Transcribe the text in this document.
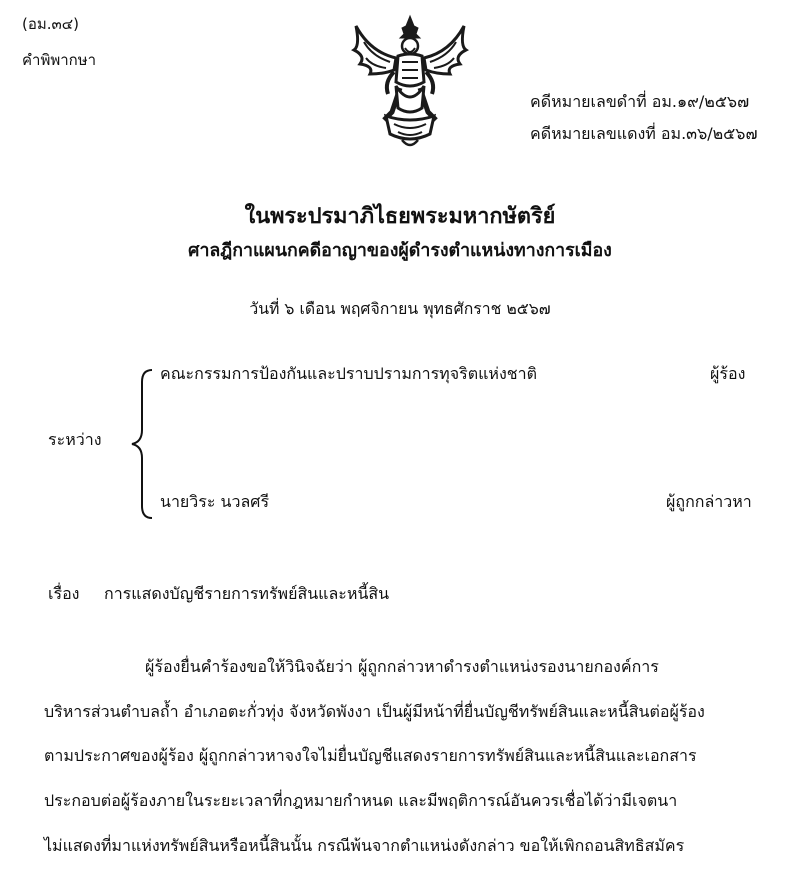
(อม.๓๔)
คำพิพากษา
คดีหมายเลขดำที่ อม.๑๙/๒๕๖๗
คดีหมายเลขแดงที่ อม.๓๖/๒๕๖๗
ในพระปรมาภิไธยพระมหากษัตริย์
ศาลฎีกาแผนกคดีอาญาของผู้ดำรงตำแหน่งทางการเมือง
วันที่ ๖ เดือน พฤศจิกายน พุทธศักราช ๒๕๖๗
คณะกรรมการป้องกันและปราบปรามการทุจริตแห่งชาติ	ผู้ร้อง
ระหว่าง
นายวิระ นวลศรี	ผู้ถูกกล่าวหา
เรื่อง การแสดงบัญชีรายการทรัพย์สินและหนี้สิน
ผู้ร้องยื่นคำร้องขอให้วินิจฉัยว่า ผู้ถูกกล่าวหาดำรงตำแหน่งรองนายกองค์การ
บริหารส่วนตำบลถ้ำ อำเภอตะกั่วทุ่ง จังหวัดพังงา เป็นผู้มีหน้าที่ยื่นบัญชีทรัพย์สินและหนี้สินต่อผู้ร้อง
ตามประกาศของผู้ร้อง ผู้ถูกกล่าวหาจงใจไม่ยื่นบัญชีแสดงรายการทรัพย์สินและหนี้สินและเอกสาร
ประกอบต่อผู้ร้องภายในระยะเวลาที่กฎหมายกำหนด และมีพฤติการณ์อันควรเชื่อได้ว่ามีเจตนา
ไม่แสดงที่มาแห่งทรัพย์สินหรือหนี้สินนั้น กรณีพ้นจากตำแหน่งดังกล่าว ขอให้เพิกถอนสิทธิสมัคร
